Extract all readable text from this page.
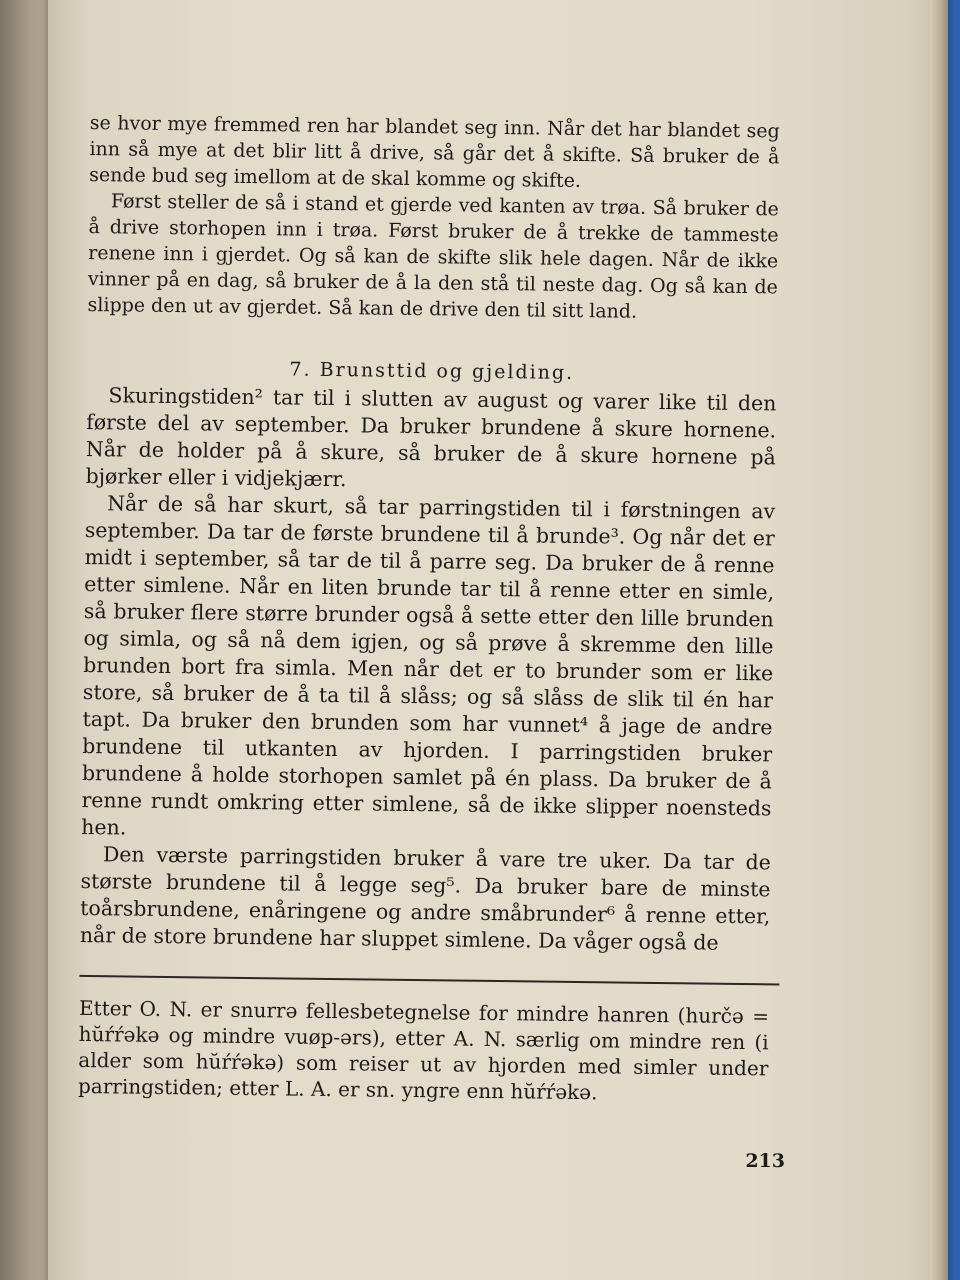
se hvor mye fremmed ren har blandet seg inn. Når det har blandet seg inn så mye at det blir litt å drive, så går det å skifte. Så bruker de å sende bud seg imellom at de skal komme og skifte.

Først steller de så i stand et gjerde ved kanten av trøa. Så bruker de å drive storhopen inn i trøa. Først bruker de å trekke de tammeste renene inn i gjerdet. Og så kan de skifte slik hele dagen. Når de ikke vinner på en dag, så bruker de å la den stå til neste dag. Og så kan de slippe den ut av gjerdet. Så kan de drive den til sitt land.

7. Brunsttid og gjelding.

Skuringstiden² tar til i slutten av august og varer like til den første del av september. Da bruker brundene å skure hornene. Når de holder på å skure, så bruker de å skure hornene på bjørker eller i vidjekjærr.

Når de så har skurt, så tar parringstiden til i førstningen av september. Da tar de første brundene til å brunde³. Og når det er midt i september, så tar de til å parre seg. Da bruker de å renne etter simlene. Når en liten brunde tar til å renne etter en simle, så bruker flere større brunder også å sette etter den lille brunden og simla, og så nå dem igjen, og så prøve å skremme den lille brunden bort fra simla. Men når det er to brunder som er like store, så bruker de å ta til å slåss; og så slåss de slik til én har tapt. Da bruker den brunden som har vunnet⁴ å jage de andre brundene til utkanten av hjorden. I parringstiden bruker brundene å holde storhopen samlet på én plass. Da bruker de å renne rundt omkring etter simlene, så de ikke slipper noensteds hen.

Den værste parringstiden bruker å vare tre uker. Da tar de største brundene til å legge seg⁵. Da bruker bare de minste toårsbrundene, enåringene og andre småbrunder⁶ å renne etter, når de store brundene har sluppet simlene. Da våger også de

Etter O. N. er snurrə fellesbetegnelse for mindre hanren (hurčə = hŭŕŕəkə og mindre vuøp-ərs), etter A. N. særlig om mindre ren (i alder som hŭŕŕəkə) som reiser ut av hjorden med simler under parringstiden; etter L. A. er sn. yngre enn hŭŕŕəkə.

213
